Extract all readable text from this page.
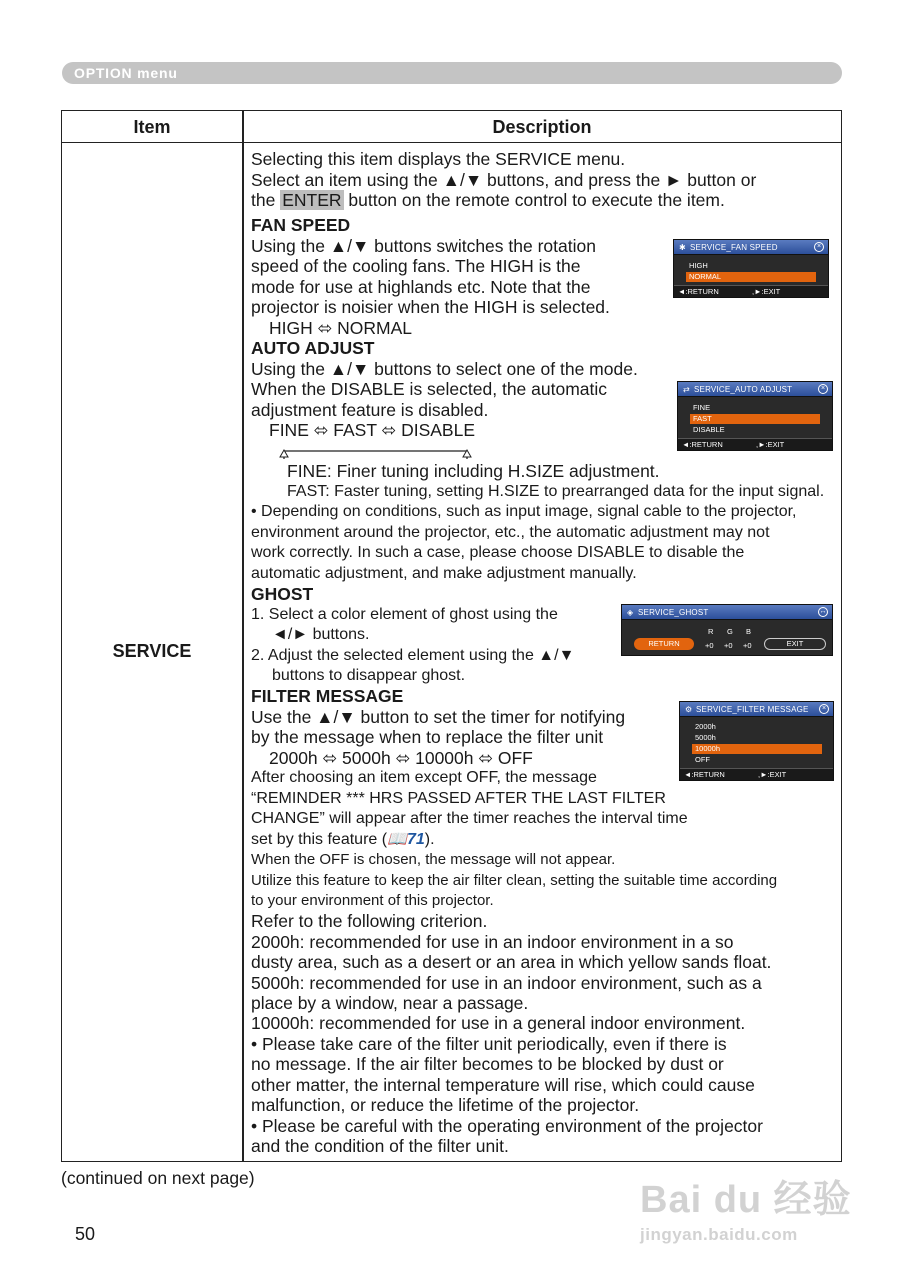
OPTION menu
Item	Description
SERVICE
Selecting this item displays the SERVICE menu.
Select an item using the ▲/▼ buttons, and press the ► button or
the ENTER button on the remote control to execute the item.
FAN SPEED
Using the ▲/▼ buttons switches the rotation
speed of the cooling fans. The HIGH is the
mode for use at highlands etc. Note that the
projector is noisier when the HIGH is selected.
HIGH ⬄ NORMAL
✱ SERVICE_FAN SPEED	×
HIGH
NORMAL
◄:RETURN	,►:EXIT
AUTO ADJUST
Using the ▲/▼ buttons to select one of the mode.
When the DISABLE is selected, the automatic
adjustment feature is disabled.
FINE ⬄ FAST ⬄ DISABLE
FINE: Finer tuning including H.SIZE adjustment.
FAST: Faster tuning, setting H.SIZE to prearranged data for the input signal.
• Depending on conditions, such as input image, signal cable to the projector,
environment around the projector, etc., the automatic adjustment may not
work correctly. In such a case, please choose DISABLE to disable the
automatic adjustment, and make adjustment manually.
⇄ SERVICE_AUTO ADJUST	×
FINE
FAST
DISABLE
◄:RETURN	,►:EXIT
GHOST
1. Select a color element of ghost using the
◄/► buttons.
2. Adjust the selected element using the ▲/▼
buttons to disappear ghost.
◈ SERVICE_GHOST	↔
R G B
RETURN	+0 +0 +0	EXIT
FILTER MESSAGE
Use the ▲/▼ button to set the timer for notifying
by the message when to replace the filter unit
2000h ⬄ 5000h ⬄ 10000h ⬄ OFF
After choosing an item except OFF, the message
“REMINDER *** HRS PASSED AFTER THE LAST FILTER
CHANGE” will appear after the timer reaches the interval time
set by this feature (📖71).
When the OFF is chosen, the message will not appear.
Utilize this feature to keep the air filter clean, setting the suitable time according
to your environment of this projector.
Refer to the following criterion.
2000h: recommended for use in an indoor environment in a so
dusty area, such as a desert or an area in which yellow sands float.
5000h: recommended for use in an indoor environment, such as a
place by a window, near a passage.
10000h: recommended for use in a general indoor environment.
• Please take care of the filter unit periodically, even if there is
no message. If the air filter becomes to be blocked by dust or
other matter, the internal temperature will rise, which could cause
malfunction, or reduce the lifetime of the projector.
• Please be careful with the operating environment of the projector
and the condition of the filter unit.
⚙ SERVICE_FILTER MESSAGE	×
2000h
5000h
10000h
OFF
◄:RETURN	,►:EXIT
(continued on next page)
50
Bai du 经验
jingyan.baidu.com
